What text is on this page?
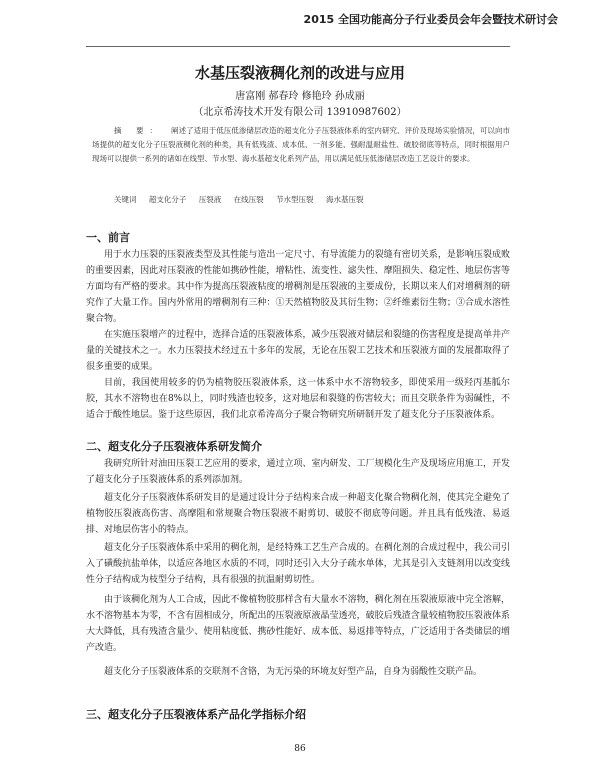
2015 全国功能高分子行业委员会年会暨技术研讨会
水基压裂液稠化剂的改进与应用
唐富刚 郝春玲 修艳玲 孙成丽
（北京希涛技术开发有限公司 13910987602）
摘 要： 阐述了适用于低压低渗储层改造的超支化分子压裂液体系的室内研究、评价及现场实验情况，可以向市场提供的超支化分子压裂液稠化剂的种类，具有低残渣、成本低、一剂多能、强耐温耐盐性、破胶彻底等特点，同时根据用户现场可以提供一系列的诸如在线型、节水型、海水基超支化系列产品，用以满足低压低渗储层改造工艺设计的要求。
关键词 超支化分子 压裂液 在线压裂 节水型压裂 海水基压裂
一、前言
用于水力压裂的压裂液类型及其性能与造出一定尺寸、有导流能力的裂缝有密切关系，是影响压裂成败的重要因素，因此对压裂液的性能如携砂性能，增粘性、流变性、滤失性、摩阻损失、稳定性、地层伤害等方面均有严格的要求。其中作为提高压裂液粘度的增稠剂是压裂液的主要成份，长期以来人们对增稠剂的研究作了大量工作。国内外常用的增稠剂有三种：①天然植物胶及其衍生物；②纤维素衍生物；③合成水溶性聚合物。
在实施压裂增产的过程中，选择合适的压裂液体系，减少压裂液对储层和裂缝的伤害程度是提高单井产量的关键技术之一。水力压裂技术经过五十多年的发展，无论在压裂工艺技术和压裂液方面的发展都取得了很多重要的成果。
目前，我国使用较多的仍为植物胶压裂液体系，这一体系中水不溶物较多，即使采用一级羟丙基胍尔胶，其水不溶物也在8%以上，同时残渣也较多，这对地层和裂缝的伤害较大；而且交联条件为弱碱性，不适合于酸性地层。鉴于这些原因，我们北京希涛高分子聚合物研究所研制开发了超支化分子压裂液体系。
二、超支化分子压裂液体系研发简介
我研究所针对油田压裂工艺应用的要求，通过立项、室内研发、工厂规模化生产及现场应用施工，开发了超支化分子压裂液体系的系列添加剂。
超支化分子压裂液体系研发目的是通过设计分子结构来合成一种超支化聚合物稠化剂，使其完全避免了植物胶压裂液高伤害、高摩阻和常规聚合物压裂液不耐剪切、破胶不彻底等问题。并且具有低残渣、易返排、对地层伤害小的特点。
超支化分子压裂液体系中采用的稠化剂，是经特殊工艺生产合成的。在稠化剂的合成过程中，我公司引入了磺酸抗盐单体，以适应各地区水质的不同，同时还引入大分子疏水单体，尤其是引入支链剂用以改变线性分子结构成为枝型分子结构，具有很强的抗温耐剪切性。
由于该稠化剂为人工合成，因此不像植物胶那样含有大量水不溶物，稠化剂在压裂液原液中完全溶解，水不溶物基本为零，不含有固相成分，所配出的压裂液原液晶莹透亮，破胶后残渣含量较植物胶压裂液体系大大降低，具有残渣含量少、使用粘度低、携砂性能好、成本低、易返排等特点，广泛适用于各类储层的增产改造。
超支化分子压裂液体系的交联剂不含铬，为无污染的环境友好型产品，自身为弱酸性交联产品。
三、超支化分子压裂液体系产品化学指标介绍
86
